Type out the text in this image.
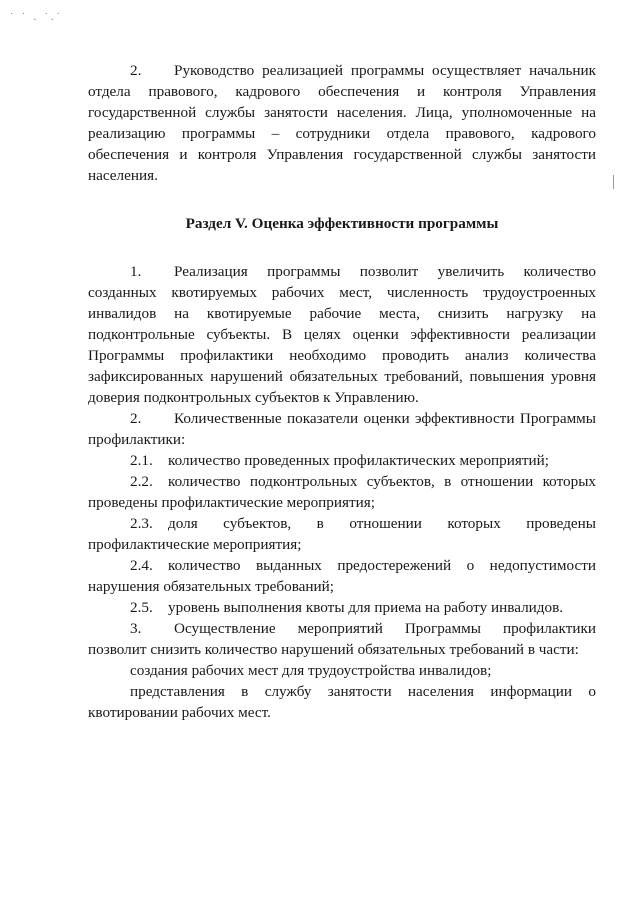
˙ ˙ . ˙.˙

2. Руководство реализацией программы осуществляет начальник отдела правового, кадрового обеспечения и контроля Управления государственной службы занятости населения. Лица, уполномоченные на реализацию программы – сотрудники отдела правового, кадрового обеспечения и контроля Управления государственной службы занятости населения.

Раздел V. Оценка эффективности программы

1. Реализация программы позволит увеличить количество созданных квотируемых рабочих мест, численность трудоустроенных инвалидов на квотируемые рабочие места, снизить нагрузку на подконтрольные субъекты. В целях оценки эффективности реализации Программы профилактики необходимо проводить анализ количества зафиксированных нарушений обязательных требований, повышения уровня доверия подконтрольных субъектов к Управлению.

2. Количественные показатели оценки эффективности Программы профилактики:

2.1. количество проведенных профилактических мероприятий;

2.2. количество подконтрольных субъектов, в отношении которых проведены профилактические мероприятия;

2.3. доля субъектов, в отношении которых проведены профилактические мероприятия;

2.4. количество выданных предостережений о недопустимости нарушения обязательных требований;

2.5. уровень выполнения квоты для приема на работу инвалидов.

3. Осуществление мероприятий Программы профилактики позволит снизить количество нарушений обязательных требований в части:

создания рабочих мест для трудоустройства инвалидов;

представления в службу занятости населения информации о квотировании рабочих мест.
